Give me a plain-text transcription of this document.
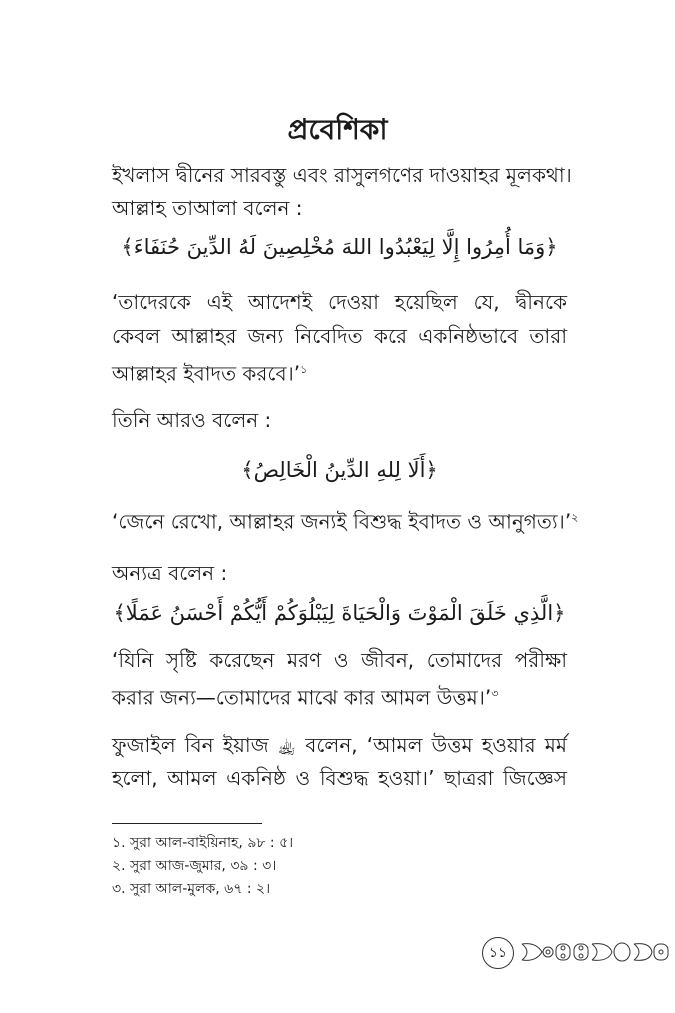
প্রবেশিকা
ইখলাস দ্বীনের সারবস্তু এবং রাসুলগণের দাওয়াহর মূলকথা।
আল্লাহ তাআলা বলেন :
﴿وَمَا أُمِرُوا إِلَّا لِيَعْبُدُوا اللهَ مُخْلِصِينَ لَهُ الدِّينَ حُنَفَاءَ﴾
‘তাদেরকে এই আদেশই দেওয়া হয়েছিল যে, দ্বীনকে
কেবল আল্লাহর জন্য নিবেদিত করে একনিষ্ঠভাবে তারা
আল্লাহর ইবাদত করবে।’$^১$
তিনি আরও বলেন :
﴿أَلَا لِلهِ الدِّينُ الْخَالِصُ﴾
‘জেনে রেখো, আল্লাহর জন্যই বিশুদ্ধ ইবাদত ও আনুগত্য।’$^২$
অন্যত্র বলেন :
﴿الَّذِي خَلَقَ الْمَوْتَ وَالْحَيَاةَ لِيَبْلُوَكُمْ أَيُّكُمْ أَحْسَنُ عَمَلًا﴾
‘যিনি সৃষ্টি করেছেন মরণ ও জীবন, তোমাদের পরীক্ষা
করার জন্য—তোমাদের মাঝে কার আমল উত্তম।’$^৩$
ফুজাইল বিন ইয়াজ ﵀ বলেন, ‘আমল উত্তম হওয়ার মর্ম
হলো, আমল একনিষ্ঠ ও বিশুদ্ধ হওয়া।’ ছাত্ররা জিজ্ঞেস
১. সুরা আল-বাইয়িনাহ, ৯৮ : ৫।
২. সুরা আজ-জুমার, ৩৯ : ৩।
৩. সুরা আল-মুলক, ৬৭ : ২।
১১
